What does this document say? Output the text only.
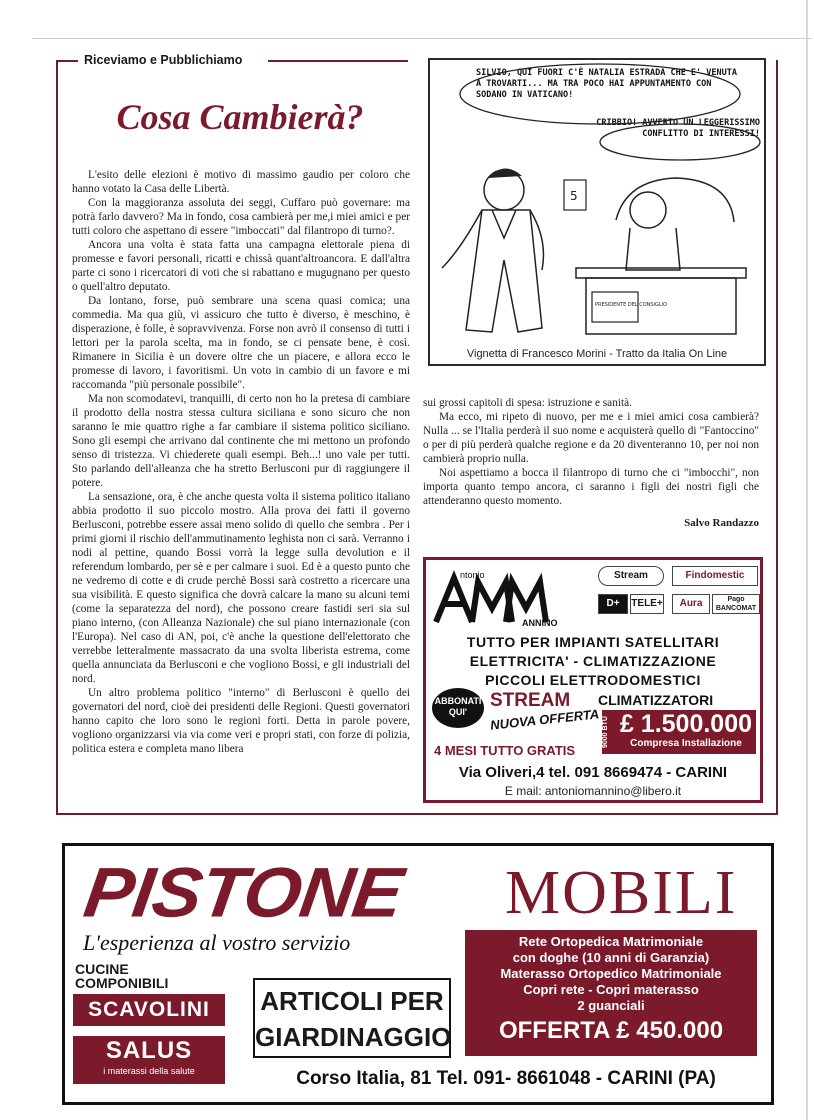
Riceviamo e Pubblichiamo
Cosa Cambierà?

L'esito delle elezioni è motivo di massimo gaudio per coloro che hanno votato la Casa delle Libertà.

Con la maggioranza assoluta dei seggi, Cuffaro può governare: ma potrà farlo davvero? Ma in fondo, cosa cambierà per me,i miei amici e per tutti coloro che aspettano di essere "imboccati" dal filantropo di turno?.

Ancora una volta è stata fatta una campagna elettorale piena di promesse e favori personali, ricatti e chissà quant'altroancora. E dall'altra parte ci sono i ricercatori di voti che si rabattano e mugugnano per questo o quell'altro deputato.

Da lontano, forse, può sembrare una scena quasi comica; una commedia. Ma qua giù, vi assicuro che tutto è diverso, è meschino, è disperazione, è folle, è sopravvivenza. Forse non avrò il consenso di tutti i lettori per la parola scelta, ma in fondo, se ci pensate bene, è così. Rimanere in Sicilia è un dovere oltre che un piacere, e allora ecco le promesse di lavoro, i favoritismi. Un voto in cambio di un favore e mi raccomanda "più personale possibile".

Ma non scomodatevi, tranquilli, di certo non ho la pretesa di cambiare il prodotto della nostra stessa cultura siciliana e sono sicuro che non saranno le mie quattro righe a far cambiare il sistema politico siciliano. Sono gli esempi che arrivano dal continente che mi mettono un profondo senso di tristezza. Vi chiederete quali esempi. Beh...! uno vale per tutti. Sto parlando dell'alleanza che ha stretto Berlusconi pur di raggiungere il potere.

La sensazione, ora, è che anche questa volta il sistema politico italiano abbia prodotto il suo piccolo mostro. Alla prova dei fatti il governo Berlusconi, potrebbe essere assai meno solido di quello che sembra . Per i primi giorni il rischio dell'ammutinamento leghista non ci sarà. Verranno i nodi al pettine, quando Bossi vorrà la legge sulla devolution e il referendum lombardo, per sè e per calmare i suoi. Ed è a questo punto che ne vedremo di cotte e di crude perchè Bossi sarà costretto a ricercare una sua visibilità. E questo significa che dovrà calcare la mano su alcuni temi (come la separatezza del nord), che possono creare fastidi seri sia sul piano interno, (con Alleanza Nazionale) che sul piano internazionale (con l'Europa). Nel caso di AN, poi, c'è anche la questione dell'elettorato che verrebbe letteralmente massacrato da una svolta liberista estrema, come quella annunciata da Berlusconi e che vogliono Bossi, e gli industriali del nord.

Un altro problema politico "interno" di Berlusconi è quello dei governatori del nord, cioè dei presidenti delle Regioni. Questi governatori hanno capito che loro sono le regioni forti. Detta in parole povere, vogliono organizzarsi via via come veri e propri stati, con forze di polizia, politica estera e completa mano libera

SILVIO, QUI FUORI C'È NATALIA ESTRADA CHE E' VENUTA A TROVARTI... MA TRA POCO HAI APPUNTAMENTO CON SODANO IN VATICANO!
CRIBBIO! AVVERTO UN LEGGERISSIMO CONFLITTO DI INTERESSI!
5
PRESIDENTE DEL CONSIGLIO
Vignetta di Francesco Morini - Tratto da Italia On Line

sui grossi capitoli di spesa: istruzione e sanità.

Ma ecco, mi ripeto di nuovo, per me e i miei amici cosa cambierà? Nulla ... se l'Italia perderà il suo nome e acquisterà quello di "Fantoccino" o per di più perderà qualche regione e da 20 diventeranno 10, per noi non cambierà proprio nulla.

Noi aspettiamo a bocca il filantropo di turno che ci "imbocchi", non importa quanto tempo ancora, ci saranno i figli dei nostri figli che attenderanno questo momento.

Salvo Randazzo

ntonio
ANNINO
Stream	Findomestic
D+	TELE+	Aura	Pago BANCOMAT
TUTTO PER IMPIANTI SATELLITARI
ELETTRICITA' - CLIMATIZZAZIONE
PICCOLI ELETTRODOMESTICI
ABBONATI QUI'
STREAM
NUOVA OFFERTA
4 MESI TUTTO GRATIS
CLIMATIZZATORI
9000 BTU £ 1.500.000
Compresa Installazione
Via Oliveri,4 tel. 091 8669474 - CARINI
E mail: antoniomannino@libero.it
PISTONE MOBILI
L'esperienza al vostro servizio	Rete Ortopedica Matrimoniale
con doghe (10 anni di Garanzia)
Materasso Ortopedico Matrimoniale
Copri rete - Copri materasso
2 guanciali
OFFERTA £ 450.000
CUCINE
COMPONIBILI
SCAVOLINI
SALUS
i materassi della salute
ARTICOLI PER
GIARDINAGGIO
Corso Italia, 81 Tel. 091- 8661048 - CARINI (PA)
